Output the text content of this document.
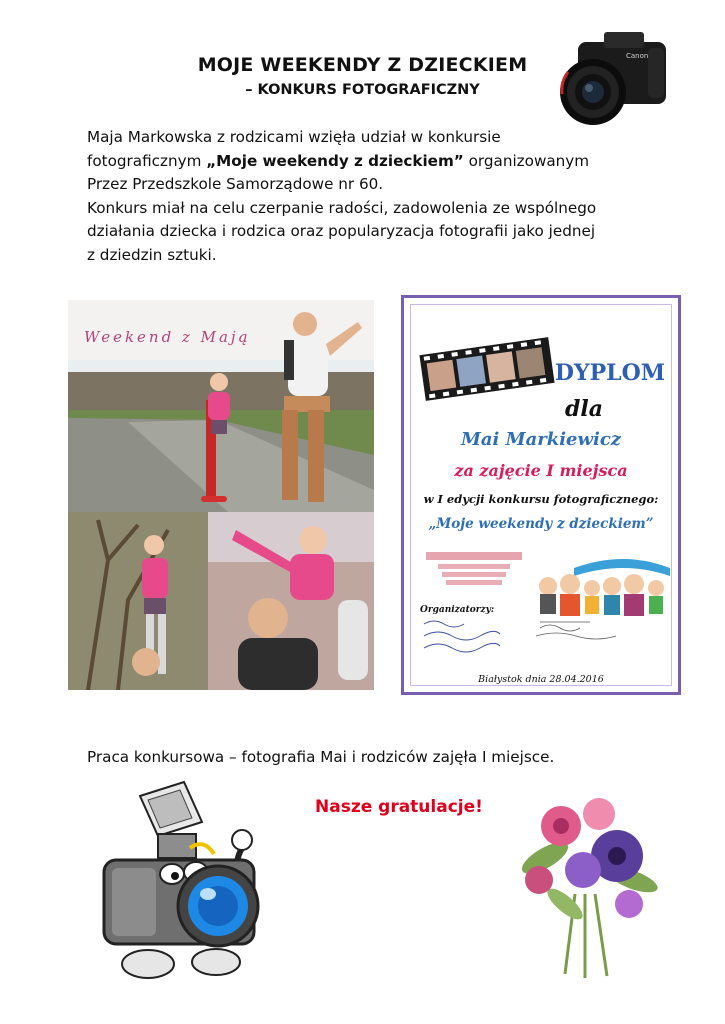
MOJE WEEKENDY Z DZIECKIEM
– KONKURS FOTOGRAFICZNY
Canon

Maja Markowska z rodzicami wzięła udział w konkursie

fotograficznym „Moje weekendy z dzieckiem” organizowanym

Przez Przedszkole Samorządowe nr 60.

Konkurs miał na celu czerpanie radości, zadowolenia ze wspólnego

działania dziecka i rodzica oraz popularyzacja fotografii jako jednej

z dziedzin sztuki.

Weekend z Mają
DYPLOM
dla
Mai Markiewicz
za zajęcie I miejsca
w I edycji konkursu fotograficznego:
„Moje weekendy z dzieckiem”
Organizatorzy:
Białystok dnia 28.04.2016
Praca konkursowa – fotografia Mai i rodziców zajęła I miejsce.
Nasze gratulacje!
